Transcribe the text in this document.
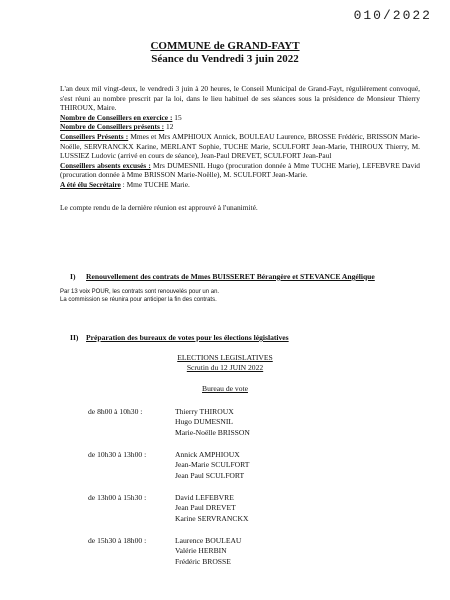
010/2022
COMMUNE de GRAND-FAYT
Séance du Vendredi 3 juin 2022

L'an deux mil vingt-deux, le vendredi 3 juin à 20 heures, le Conseil Municipal de Grand-Fayt, régulièrement convoqué, s'est réuni au nombre prescrit par la loi, dans le lieu habituel de ses séances sous la présidence de Monsieur Thierry THIROUX, Maire.

Nombre de Conseillers en exercice : 15
Nombre de Conseillers présents : 12
Conseillers Présents : Mmes et Mrs AMPHIOUX Annick, BOULEAU Laurence, BROSSE Frédéric, BRISSON Marie-Noëlle, SERVRANCKX Karine, MERLANT Sophie, TUCHE Marie, SCULFORT Jean-Marie, THIROUX Thierry, M. LUSSIEZ Ludovic (arrivé en cours de séance), Jean-Paul DREVET, SCULFORT Jean-Paul
Conseillers absents excusés : Mrs DUMESNIL Hugo (procuration donnée à Mme TUCHE Marie), LEFEBVRE David (procuration donnée à Mme BRISSON Marie-Noëlle), M. SCULFORT Jean-Marie.
A été élu Secrétaire : Mme TUCHE Marie.
Le compte rendu de la dernière réunion est approuvé à l'unanimité.
I)	Renouvellement des contrats de Mmes BUISSERET Bérangère et STEVANCE Angélique
Par 13 voix POUR, les contrats sont renouvelés pour un an.
La commission se réunira pour anticiper la fin des contrats.
II) Préparation des bureaux de votes pour les élections législatives
ELECTIONS LEGISLATIVES
Scrutin du 12 JUIN 2022
Bureau de vote
de 8h00 à 10h30 :	Thierry THIROUX
Hugo DUMESNIL
Marie-Noëlle BRISSON
de 10h30 à 13h00 :	Annick AMPHIOUX
Jean-Marie SCULFORT
Jean Paul SCULFORT
de 13h00 à 15h30 :	David LEFEBVRE
Jean Paul DREVET
Karine SERVRANCKX
de 15h30 à 18h00 :	Laurence BOULEAU
Valérie HERBIN
Frédéric BROSSE
